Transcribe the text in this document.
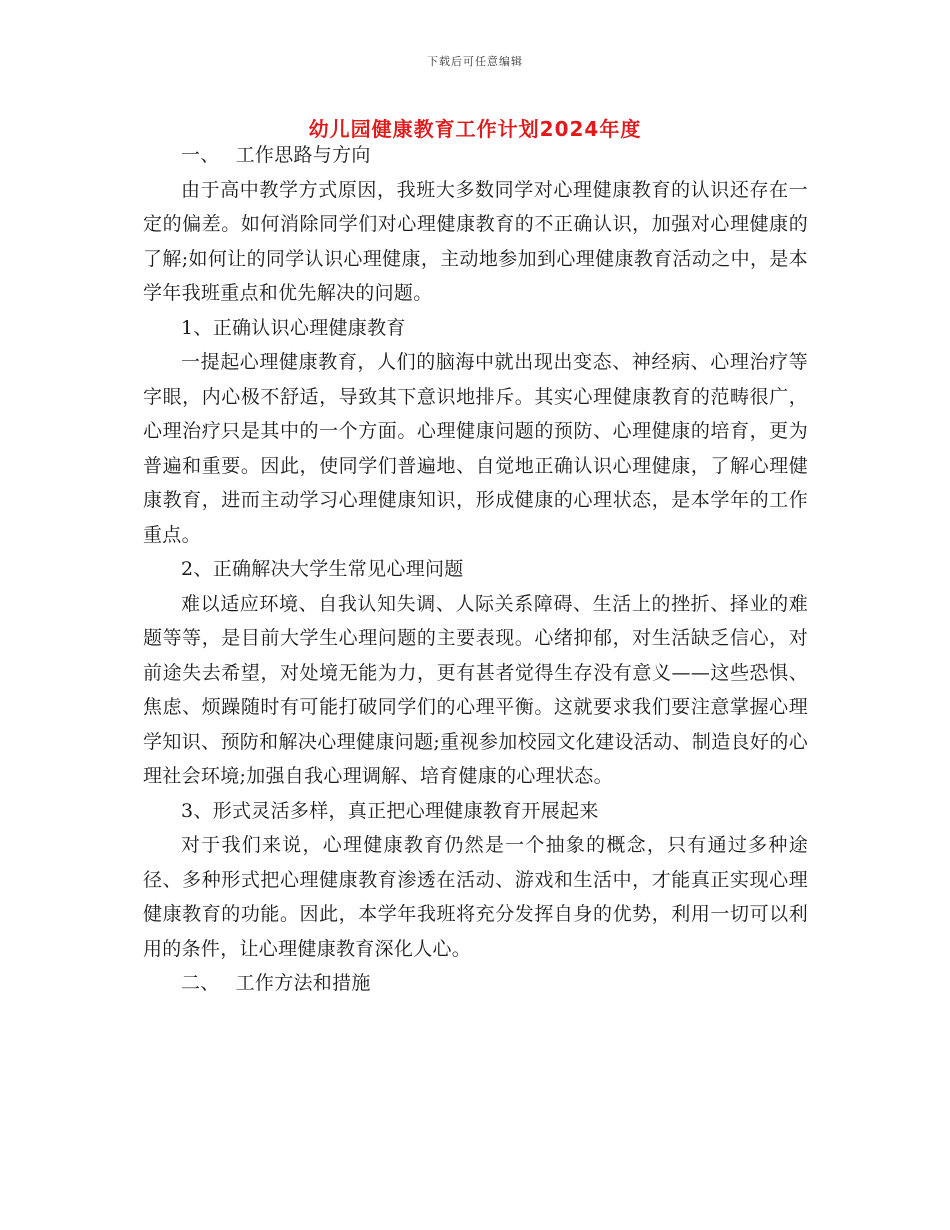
下载后可任意编辑
幼儿园健康教育工作计划2024年度

一、 工作思路与方向

由于高中教学方式原因，我班大多数同学对心理健康教育的认识还存在一定的偏差。如何消除同学们对心理健康教育的不正确认识，加强对心理健康的了解;如何让的同学认识心理健康，主动地参加到心理健康教育活动之中，是本学年我班重点和优先解决的问题。

1、正确认识心理健康教育

一提起心理健康教育，人们的脑海中就出现出变态、神经病、心理治疗等字眼，内心极不舒适，导致其下意识地排斥。其实心理健康教育的范畴很广，心理治疗只是其中的一个方面。心理健康问题的预防、心理健康的培育，更为普遍和重要。因此，使同学们普遍地、自觉地正确认识心理健康，了解心理健康教育，进而主动学习心理健康知识，形成健康的心理状态，是本学年的工作重点。

2、正确解决大学生常见心理问题

难以适应环境、自我认知失调、人际关系障碍、生活上的挫折、择业的难题等等，是目前大学生心理问题的主要表现。心绪抑郁，对生活缺乏信心，对前途失去希望，对处境无能为力，更有甚者觉得生存没有意义——这些恐惧、焦虑、烦躁随时有可能打破同学们的心理平衡。这就要求我们要注意掌握心理学知识、预防和解决心理健康问题;重视参加校园文化建设活动、制造良好的心理社会环境;加强自我心理调解、培育健康的心理状态。

3、形式灵活多样，真正把心理健康教育开展起来

对于我们来说，心理健康教育仍然是一个抽象的概念，只有通过多种途径、多种形式把心理健康教育渗透在活动、游戏和生活中，才能真正实现心理健康教育的功能。因此，本学年我班将充分发挥自身的优势，利用一切可以利用的条件，让心理健康教育深化人心。

二、 工作方法和措施
